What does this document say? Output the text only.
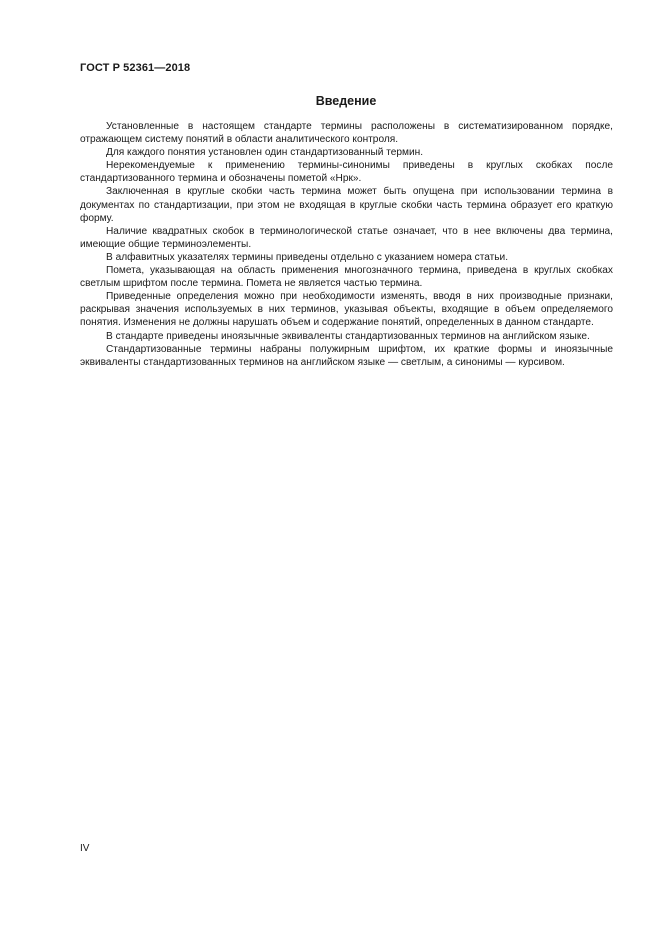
ГОСТ Р 52361—2018
Введение

Установленные в настоящем стандарте термины расположены в систематизированном порядке, отражающем систему понятий в области аналитического контроля.

Для каждого понятия установлен один стандартизованный термин.

Нерекомендуемые к применению термины-синонимы приведены в круглых скобках после стандартизованного термина и обозначены пометой «Нрк».

Заключенная в круглые скобки часть термина может быть опущена при использовании термина в документах по стандартизации, при этом не входящая в круглые скобки часть термина образует его краткую форму.

Наличие квадратных скобок в терминологической статье означает, что в нее включены два термина, имеющие общие терминоэлементы.

В алфавитных указателях термины приведены отдельно с указанием номера статьи.

Помета, указывающая на область применения многозначного термина, приведена в круглых скобках светлым шрифтом после термина. Помета не является частью термина.

Приведенные определения можно при необходимости изменять, вводя в них производные признаки, раскрывая значения используемых в них терминов, указывая объекты, входящие в объем определяемого понятия. Изменения не должны нарушать объем и содержание понятий, определенных в данном стандарте.

В стандарте приведены иноязычные эквиваленты стандартизованных терминов на английском языке.

Стандартизованные термины набраны полужирным шрифтом, их краткие формы и иноязычные эквиваленты стандартизованных терминов на английском языке — светлым, а синонимы — курсивом.

IV
